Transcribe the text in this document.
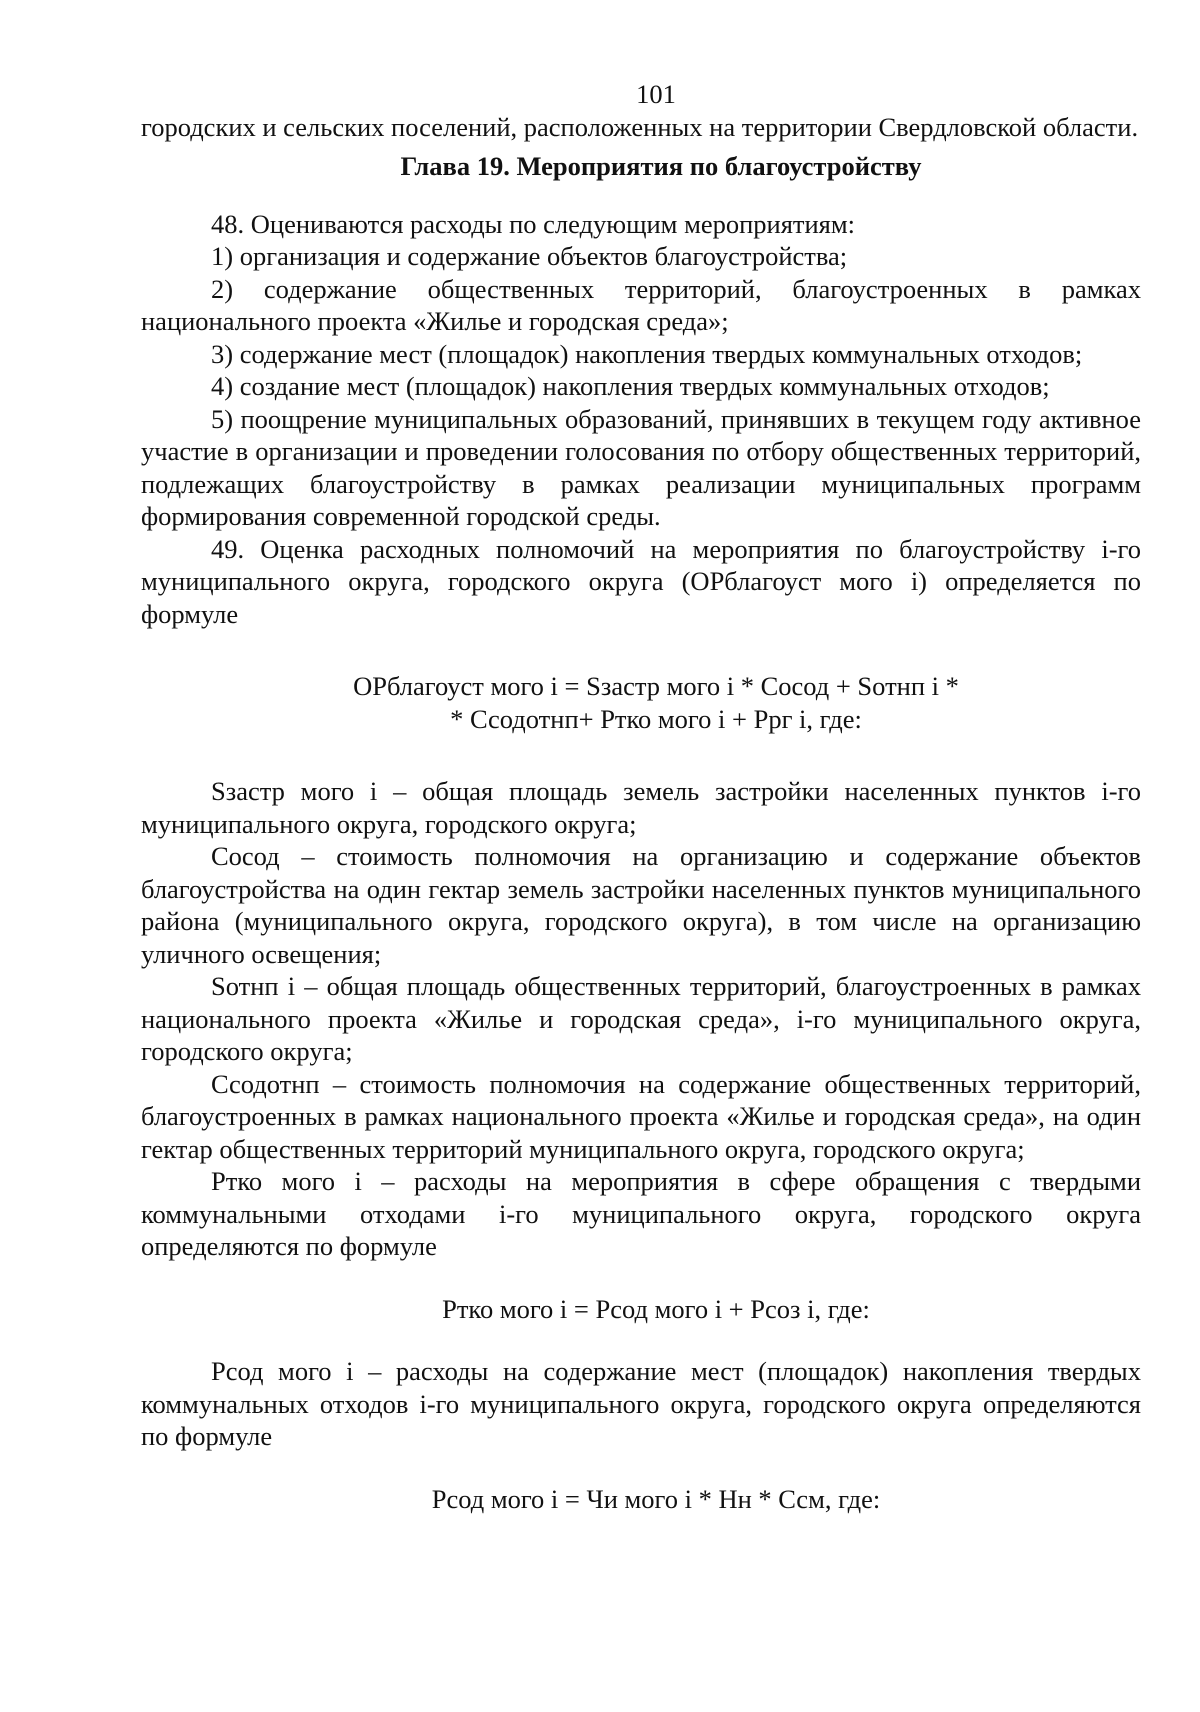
101

городских и сельских поселений, расположенных на территории Свердловской области.

Глава 19. Мероприятия по благоустройству

48. Оцениваются расходы по следующим мероприятиям:

1) организация и содержание объектов благоустройства;

2) содержание общественных территорий, благоустроенных в рамках национального проекта «Жилье и городская среда»;

3) содержание мест (площадок) накопления твердых коммунальных отходов;

4) создание мест (площадок) накопления твердых коммунальных отходов;

5) поощрение муниципальных образований, принявших в текущем году активное участие в организации и проведении голосования по отбору общественных территорий, подлежащих благоустройству в рамках реализации муниципальных программ формирования современной городской среды.

49. Оценка расходных полномочий на мероприятия по благоустройству i-го муниципального округа, городского округа (ОРблагоуст мого i) определяется по формуле

ОРблагоуст мого i = Sзастр мого i * Cocод + Sотнп i *
* Ссодотнп+ Ртко мого i + Ррг i, где:

Sзастр мого i – общая площадь земель застройки населенных пунктов i-го муниципального округа, городского округа;

Cocод – стоимость полномочия на организацию и содержание объектов благоустройства на один гектар земель застройки населенных пунктов муниципального района (муниципального округа, городского округа), в том числе на организацию уличного освещения;

Sотнп i – общая площадь общественных территорий, благоустроенных в рамках национального проекта «Жилье и городская среда», i-го муниципального округа, городского округа;

Ссодотнп – стоимость полномочия на содержание общественных территорий, благоустроенных в рамках национального проекта «Жилье и городская среда», на один гектар общественных территорий муниципального округа, городского округа;

Ртко мого i – расходы на мероприятия в сфере обращения с твердыми коммунальными отходами i-го муниципального округа, городского округа определяются по формуле

Ртко мого i = Рсод мого i + Рсоз i, где:

Рсод мого i – расходы на содержание мест (площадок) накопления твердых коммунальных отходов i-го муниципального округа, городского округа определяются по формуле

Рсод мого i = Чи мого i * Нн * Ссм, где:
